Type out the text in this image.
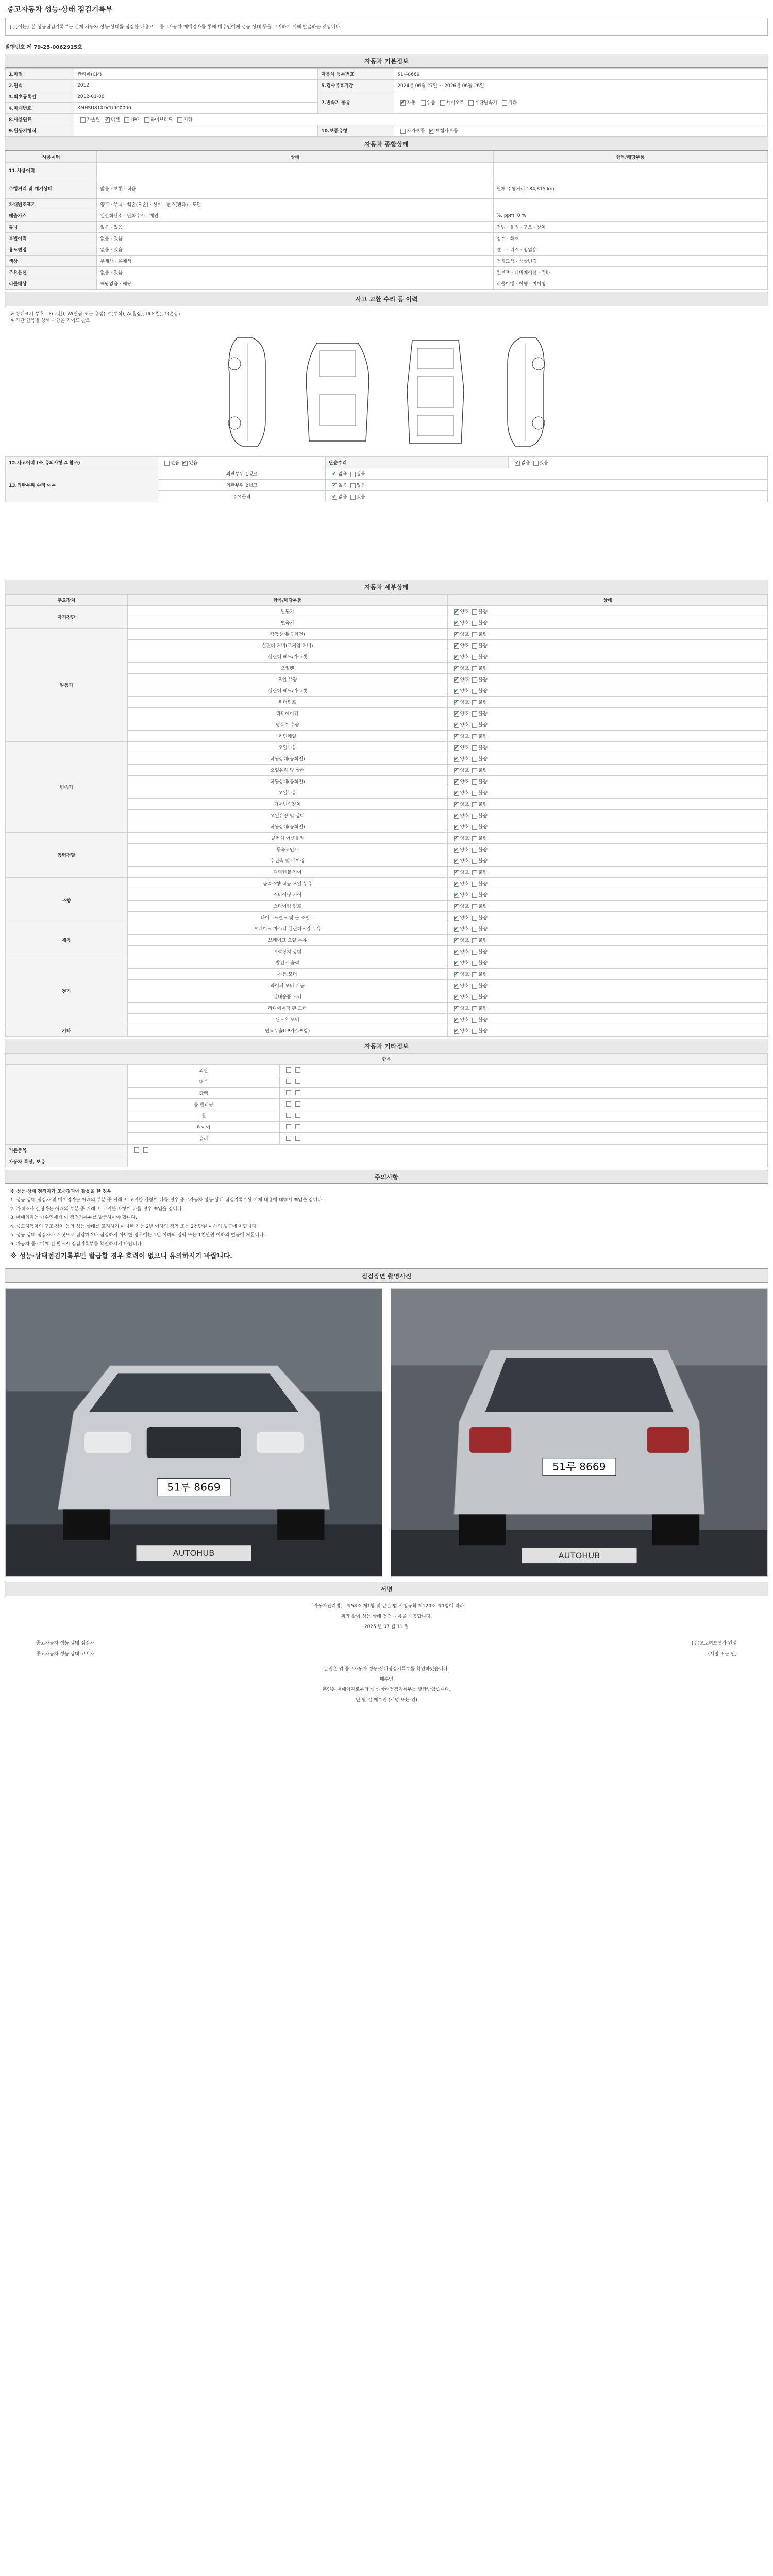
중고자동차 성능·상태 점검기록부
[ ]{이는} 본 성능점검기록부는 실제 자동차 성능·상태를 점검한 내용으로 중고자동차 매매업자를 통해 매수인에게 성능·상태 등을 고지하기 위해 발급하는 것입니다.
발행번호 제 79-25-0062915호
자동차 기본정보
1.차명	싼타페(CM)	자동차 등록번호	51루8669
2.연식	2012	5.검사유효기간	2024년 06월 27일 ~ 2026년 06월 26일
3.최초등록일	2012-01-06	7.변속기 종류	✔자동 수동 세미오토 무단변속기 기타
4.차대번호	KMHSU81XDCU900000		
8.사용연료	가솔린 ✔ 디젤 LPG 하이브리드 기타
9.원동기형식		10.보증유형	자가보증 ✔ 보험사보증
자동차 종합상태
사용이력	상태	항목/해당부품
11.사용이력		
주행거리 및 계기상태	많음 · 보통 · 적음	현재 주행거리 184,815 km
차대번호표기	양호 · 부식 · 훼손(오손) · 상이 · 변조(변타) · 도말	
배출가스	일산화탄소 · 탄화수소 · 매연	%, ppm, 0 %
튜닝	없음 · 있음	적법 · 불법 · 구조 · 장치
특별이력	없음 · 있음	침수 · 화재
용도변경	없음 · 있음	렌트 · 리스 · 영업용
색상	무채색 · 유채색	전체도색 · 색상변경
주요옵션	없음 · 있음	썬루프 · 네비게이션 · 기타
리콜대상	해당없음 · 해당	리콜이행 · 이행 · 미이행
사고 교환 수리 등 이력
※ 상태표시 부호 : X(교환), W(판금 또는 용접), C(부식), A(흠집), U(요철), T(손상)
※ 하단 항목별 상세 사항은 가이드 참조
12.사고이력 (※ 유의사항 4 참조)	없음 ✔ 있음	단순수리	✔없음 있음
13.외판부위 수리 여부	외판부위 1랭크	✔없음 있음
	외판부위 2랭크	✔없음 있음
	주요골격	✔없음 있음
자동차 세부상태
주요장치	항목/해당부품	상태
자기진단	원동기	✔양호 불량
	변속기	✔양호 불량
원동기	작동상태(공회전)	✔양호 불량
	실린더 커버(로커암 커버)	✔양호 불량
	실린더 헤드/가스켓	✔양호 불량
	오일팬	✔양호 불량
	오일 유량	✔양호 불량
	실린더 헤드/가스켓	✔양호 불량
	워터펌프	✔양호 불량
	라디에이터	✔양호 불량
	냉각수 수량	✔양호 불량
	커먼레일	✔양호 불량
변속기	오일누유	✔양호 불량
	작동상태(공회전)	✔양호 불량
	오일유량 및 상태	✔양호 불량
	작동상태(공회전)	✔양호 불량
	오일누유	✔양호 불량
	기어변속장치	✔양호 불량
	오일유량 및 상태	✔양호 불량
	작동상태(공회전)	✔양호 불량
동력전달	클러치 어셈블리	✔양호 불량
	등속조인트	✔양호 불량
	추진축 및 베어링	✔양호 불량
	디퍼렌셜 기어	✔양호 불량
조향	동력조향 작동 오일 누유	✔양호 불량
	스티어링 기어	✔양호 불량
	스티어링 펌프	✔양호 불량
	타이로드엔드 및 볼 조인트	✔양호 불량
제동	브레이크 마스터 실린더오일 누유	✔양호 불량
	브레이크 오일 누유	✔양호 불량
	배력장치 상태	✔양호 불량
전기	발전기 출력	✔양호 불량
	시동 모터	✔양호 불량
	와이퍼 모터 기능	✔양호 불량
	실내송풍 모터	✔양호 불량
	라디에이터 팬 모터	✔양호 불량
	윈도우 모터	✔양호 불량
기타	연료누출(LP가스포함)	✔양호 불량
자동차 기타정보
항목		
	외판	
	내부	
	광택	
	룸 클리닝	
	휠	
	타이어	
	유리	
기본품목	
자동차 특장, 보유	
주의사항

※ 성능·상태 점검자가 조사결과에 잘못을 한 경우

1. 성능·상태 점검자 및 매매업자는 아래의 부분 중 거래 시 고지한 사항이 다를 경우 중고자동차 성능·상태 점검기록부상 기재 내용에 대해서 책임을 집니다.

2. 가격조사·산정자는 아래의 부분 중 거래 시 고지한 사항이 다를 경우 책임을 집니다.

3. 매매업자는 매수인에게 이 점검기록부를 발급하여야 합니다.

4. 중고자동차의 구조·장치 등의 성능·상태를 고지하지 아니한 자는 2년 이하의 징역 또는 2천만원 이하의 벌금에 처합니다.

5. 성능·상태 점검자가 거짓으로 점검하거나 점검하지 아니한 경우에는 1년 이하의 징역 또는 1천만원 이하의 벌금에 처합니다.

6. 자동차 중고매매 전 반드시 점검기록부를 확인하시기 바랍니다.

※ 성능·상태점검기록부만 발급할 경우 효력이 없으니 유의하시기 바랍니다.

점검장면 촬영사진
51루 8669
AUTOHUB
51루 8669
AUTOHUB
서명
「자동차관리법」 제58조 제1항 및 같은 법 시행규칙 제120조 제1항에 따라
위와 같이 성능·상태 점검 내용을 제공합니다.
2025 년 07 월 11 일
중고자동차 성능·상태 점검자	(주)오토허브셀카 인정
중고자동차 성능·상태 고지자	(서명 또는 인)
본인은 위 중고자동차 성능·상태점검기록부를 확인하였습니다.
매수인
본인은 매매업자로부터 성능·상태점검기록부를 발급받았습니다.
년 월 일 매수인 (서명 또는 인)
